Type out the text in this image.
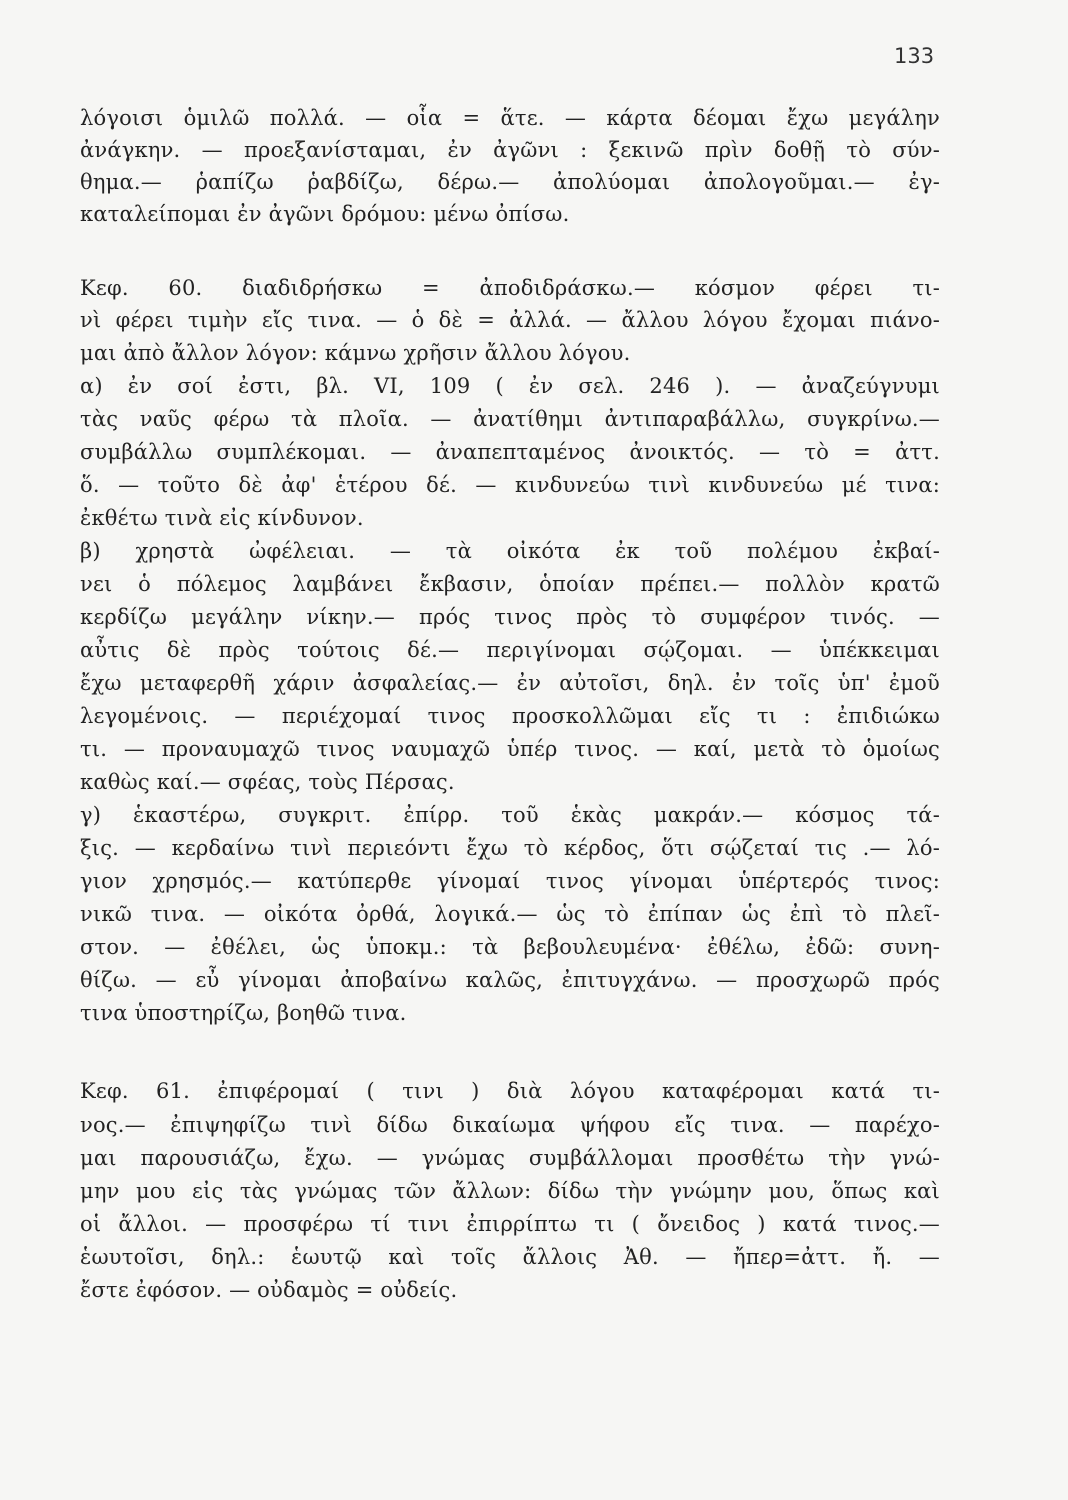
133
λόγοισι ὁμιλῶ πολλά. — οἷα = ἅτε. — κάρτα δέομαι ἔχω μεγάλην
ἀνάγκην. — προεξανίσταμαι, ἐν ἀγῶνι : ξεκινῶ πρὶν δοθῇ τὸ σύν-
θημα.— ῥαπίζω ῥαβδίζω, δέρω.— ἀπολύομαι ἀπολογοῦμαι.— ἐγ-
καταλείπομαι ἐν ἀγῶνι δρόμου: μένω ὀπίσω.
Κεφ. 60. διαδιδρήσκω = ἀποδιδράσκω.— κόσμον φέρει τι-
νὶ φέρει τιμὴν εἴς τινα. — ὁ δὲ = ἀλλά. — ἄλλου λόγου ἔχομαι πιάνο-
μαι ἀπὸ ἄλλον λόγον: κάμνω χρῆσιν ἄλλου λόγου.
α) ἐν σοί ἐστι, βλ. VI, 109 ( ἐν σελ. 246 ). — ἀναζεύγνυμι
τὰς ναῦς φέρω τὰ πλοῖα. — ἀνατίθημι ἀντιπαραβάλλω, συγκρίνω.—
συμβάλλω συμπλέκομαι. — ἀναπεπταμένος ἀνοικτός. — τὸ = ἀττ.
ὅ. — τοῦτο δὲ ἀφ' ἑτέρου δέ. — κινδυνεύω τινὶ κινδυνεύω μέ τινα:
ἐκθέτω τινὰ εἰς κίνδυνον.
β) χρηστὰ ὠφέλειαι. — τὰ οἰκότα ἐκ τοῦ πολέμου ἐκβαί-
νει ὁ πόλεμος λαμβάνει ἔκβασιν, ὁποίαν πρέπει.— πολλὸν κρατῶ
κερδίζω μεγάλην νίκην.— πρός τινος πρὸς τὸ συμφέρον τινός. —
αὖτις δὲ πρὸς τούτοις δέ.— περιγίνομαι σῴζομαι. — ὑπέκκειμαι
ἔχω μεταφερθῆ χάριν ἀσφαλείας.— ἐν αὐτοῖσι, δηλ. ἐν τοῖς ὑπ' ἐμοῦ
λεγομένοις. — περιέχομαί τινος προσκολλῶμαι εἴς τι : ἐπιδιώκω
τι. — προναυμαχῶ τινος ναυμαχῶ ὑπέρ τινος. — καί, μετὰ τὸ ὁμοίως
καθὼς καί.— σφέας, τοὺς Πέρσας.
γ) ἑκαστέρω, συγκριτ. ἐπίρρ. τοῦ ἑκὰς μακράν.— κόσμος τά-
ξις. — κερδαίνω τινὶ περιεόντι ἔχω τὸ κέρδος, ὅτι σῴζεταί τις .— λό-
γιον χρησμός.— κατύπερθε γίνομαί τινος γίνομαι ὑπέρτερός τινος:
νικῶ τινα. — οἰκότα ὀρθά, λογικά.— ὡς τὸ ἐπίπαν ὡς ἐπὶ τὸ πλεῖ-
στον. — ἐθέλει, ὡς ὑποκμ.: τὰ βεβουλευμένα· ἐθέλω, ἐδῶ: συνη-
θίζω. — εὖ γίνομαι ἀποβαίνω καλῶς, ἐπιτυγχάνω. — προσχωρῶ πρός
τινα ὑποστηρίζω, βοηθῶ τινα.
Κεφ. 61. ἐπιφέρομαί ( τινι ) διὰ λόγου καταφέρομαι κατά τι-
νος.— ἐπιψηφίζω τινὶ δίδω δικαίωμα ψήφου εἴς τινα. — παρέχο-
μαι παρουσιάζω, ἔχω. — γνώμας συμβάλλομαι προσθέτω τὴν γνώ-
μην μου εἰς τὰς γνώμας τῶν ἄλλων: δίδω τὴν γνώμην μου, ὅπως καὶ
οἱ ἄλλοι. — προσφέρω τί τινι ἐπιρρίπτω τι ( ὄνειδος ) κατά τινος.—
ἑωυτοῖσι, δηλ.: ἑωυτῷ καὶ τοῖς ἄλλοις Ἀθ. — ἤπερ=ἀττ. ἤ. —
ἔστε ἐφόσον. — οὐδαμὸς = οὐδείς.
